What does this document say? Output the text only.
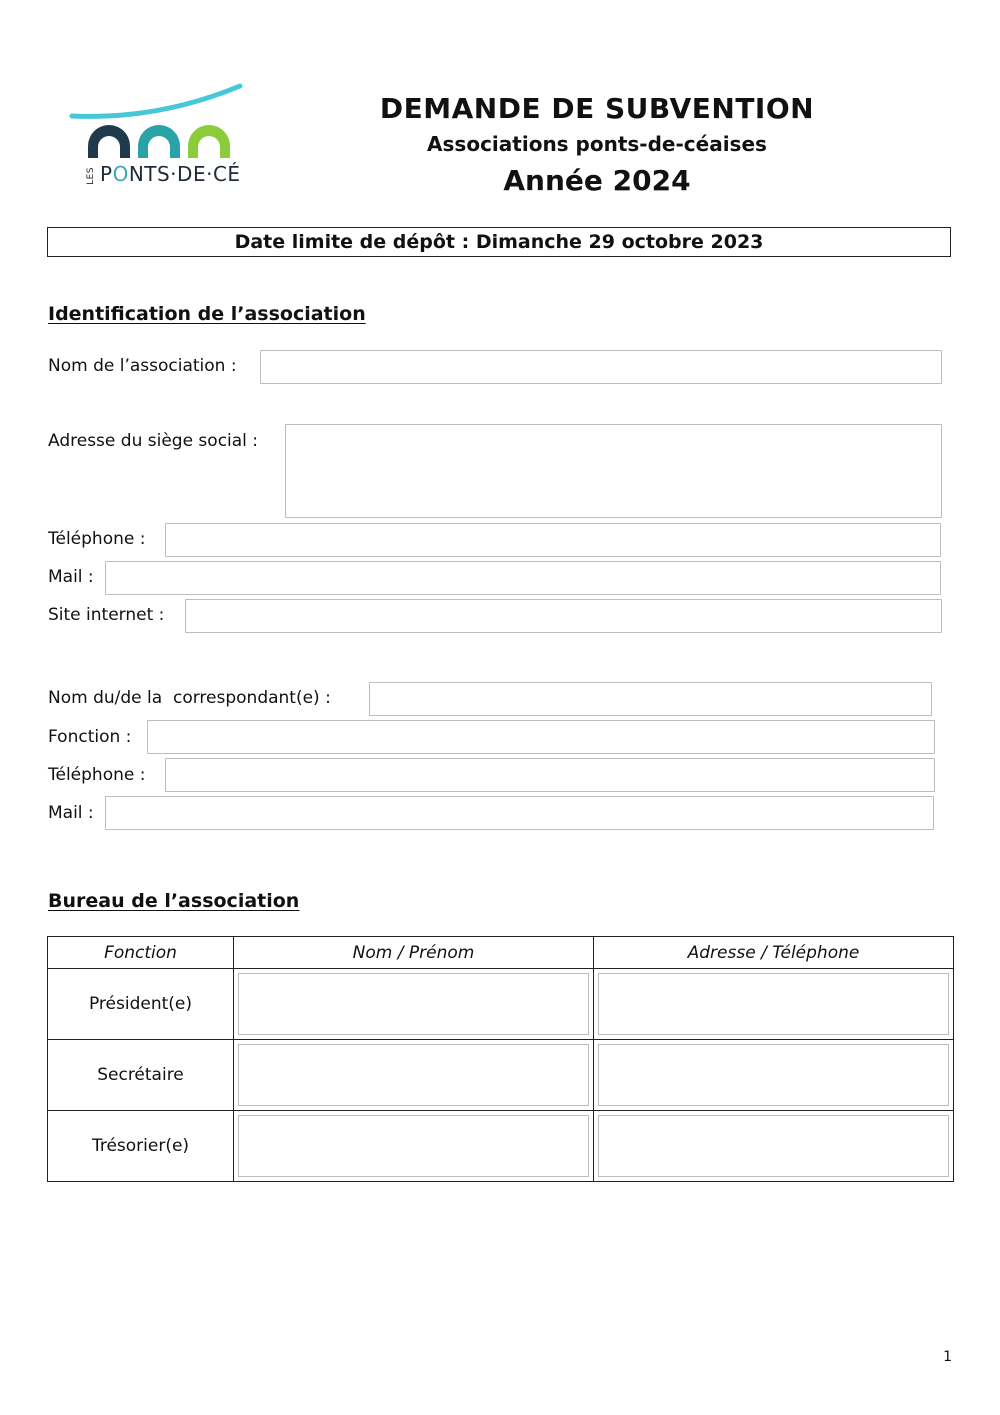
LES PONTS·DE·CÉ
DEMANDE DE SUBVENTION
Associations ponts-de-céaises
Année 2024
Date limite de dépôt : Dimanche 29 octobre 2023
Identification de l’association
Nom de l’association :
Adresse du siège social :
Téléphone :
Mail :
Site internet :
Nom du/de la  correspondant(e) :
Fonction :
Téléphone :
Mail :
Bureau de l’association
Fonction	Nom / Prénom	Adresse / Téléphone
Président(e)	

Secrétaire	

Trésorier(e)	

1
